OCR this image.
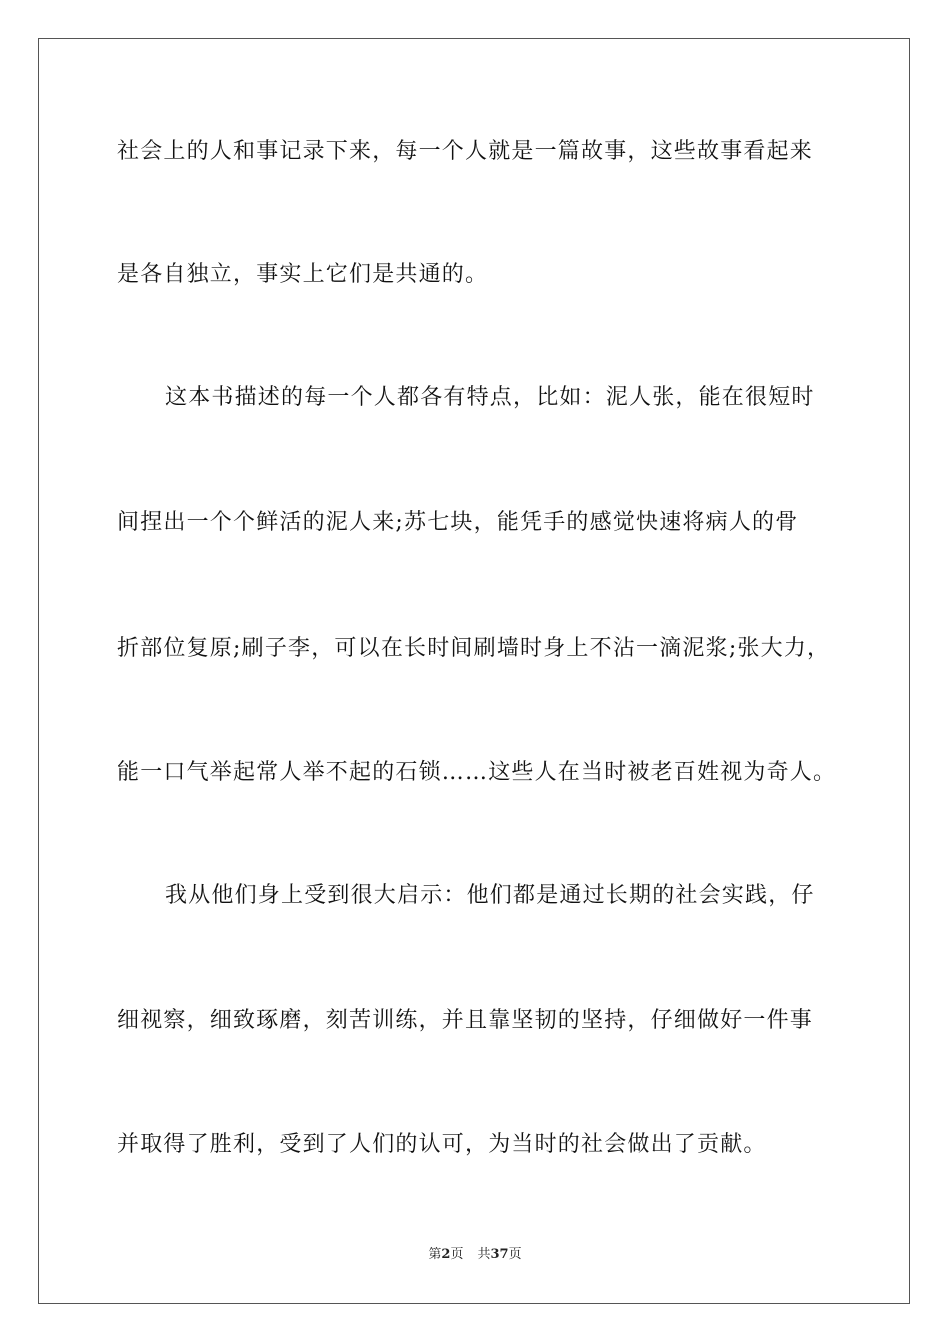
社会上的人和事记录下来，每一个人就是一篇故事，这些故事看起来
是各自独立，事实上它们是共通的。
这本书描述的每一个人都各有特点，比如：泥人张，能在很短时
间捏出一个个鲜活的泥人来;苏七块，能凭手的感觉快速将病人的骨
折部位复原;刷子李，可以在长时间刷墙时身上不沾一滴泥浆;张大力，
能一口气举起常人举不起的石锁……这些人在当时被老百姓视为奇人。
我从他们身上受到很大启示：他们都是通过长期的社会实践，仔
细视察，细致琢磨，刻苦训练，并且靠坚韧的坚持，仔细做好一件事
并取得了胜利，受到了人们的认可，为当时的社会做出了贡献。
第2页 共37页
